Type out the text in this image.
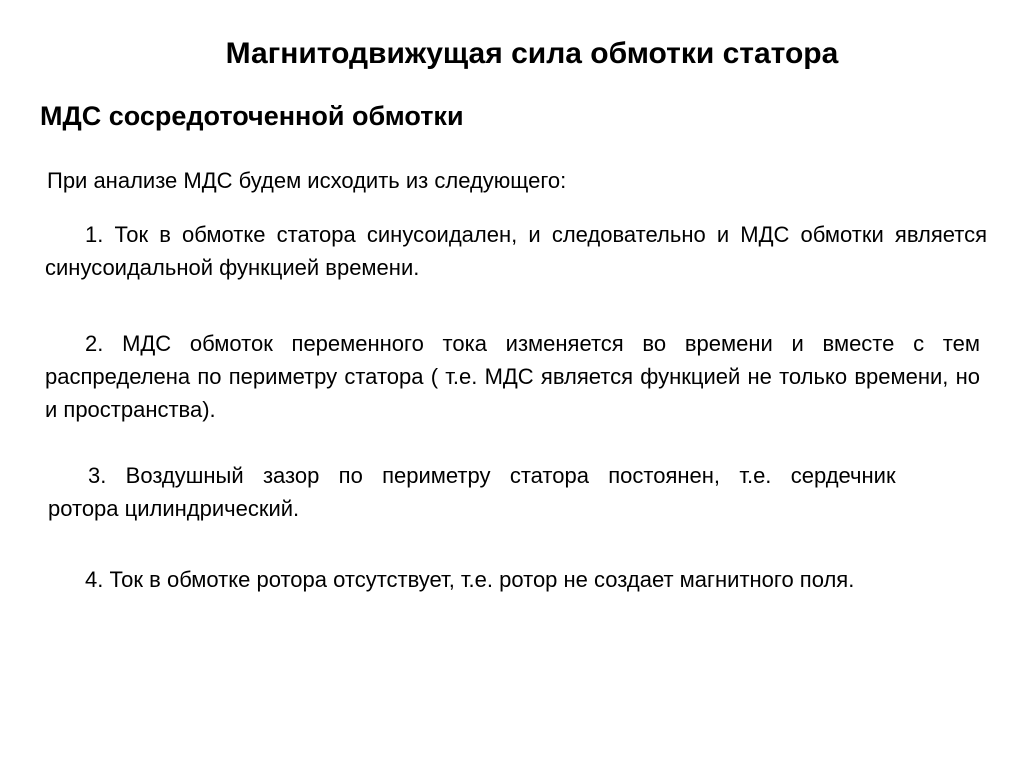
Магнитодвижущая сила обмотки статора
МДС сосредоточенной обмотки

При анализе МДС будем исходить из следующего:

1. Ток в обмотке статора синусоидален, и следовательно и МДС обмотки является синусоидальной функцией времени.

2. МДС обмоток переменного тока изменяется во времени и вместе с тем распределена по периметру статора ( т.е. МДС является функцией не только времени, но и пространства).

3. Воздушный зазор по периметру статора постоянен, т.е. сердечник
ротора цилиндрический.

4. Ток в обмотке ротора отсутствует, т.е. ротор не создает магнитного поля.
